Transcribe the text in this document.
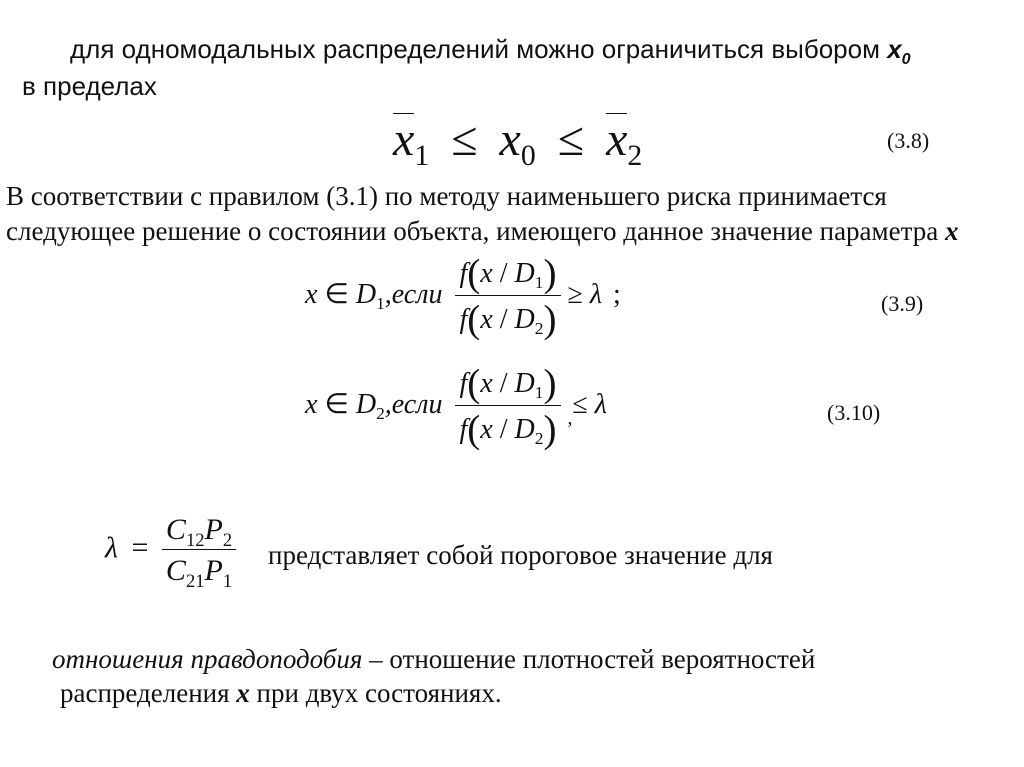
для одномодальных распределений можно ограничиться выбором $x_0$
в пределах
$x_1 \le x_0 \le x_2$	(3.8)
В соответствии с правилом (3.1) по методу наименьшего риска принимается
следующее решение о состоянии объекта, имеющего данное значение параметра x
x ∈ $D_1,если \frac{f(x / D_1)}{f(x / D_2)} \ge \lambda$ ;	(3.9)
x ∈ $D_2,если \frac{f(x / D_1)}{f(x / D_2)} _,\le \lambda$	(3.10)
$\lambda = \frac{C_{12}P_2}{C_{21}P_1}$ представляет собой пороговое значение для
отношения правдоподобия – отношение плотностей вероятностей
распределения x при двух состояниях.
